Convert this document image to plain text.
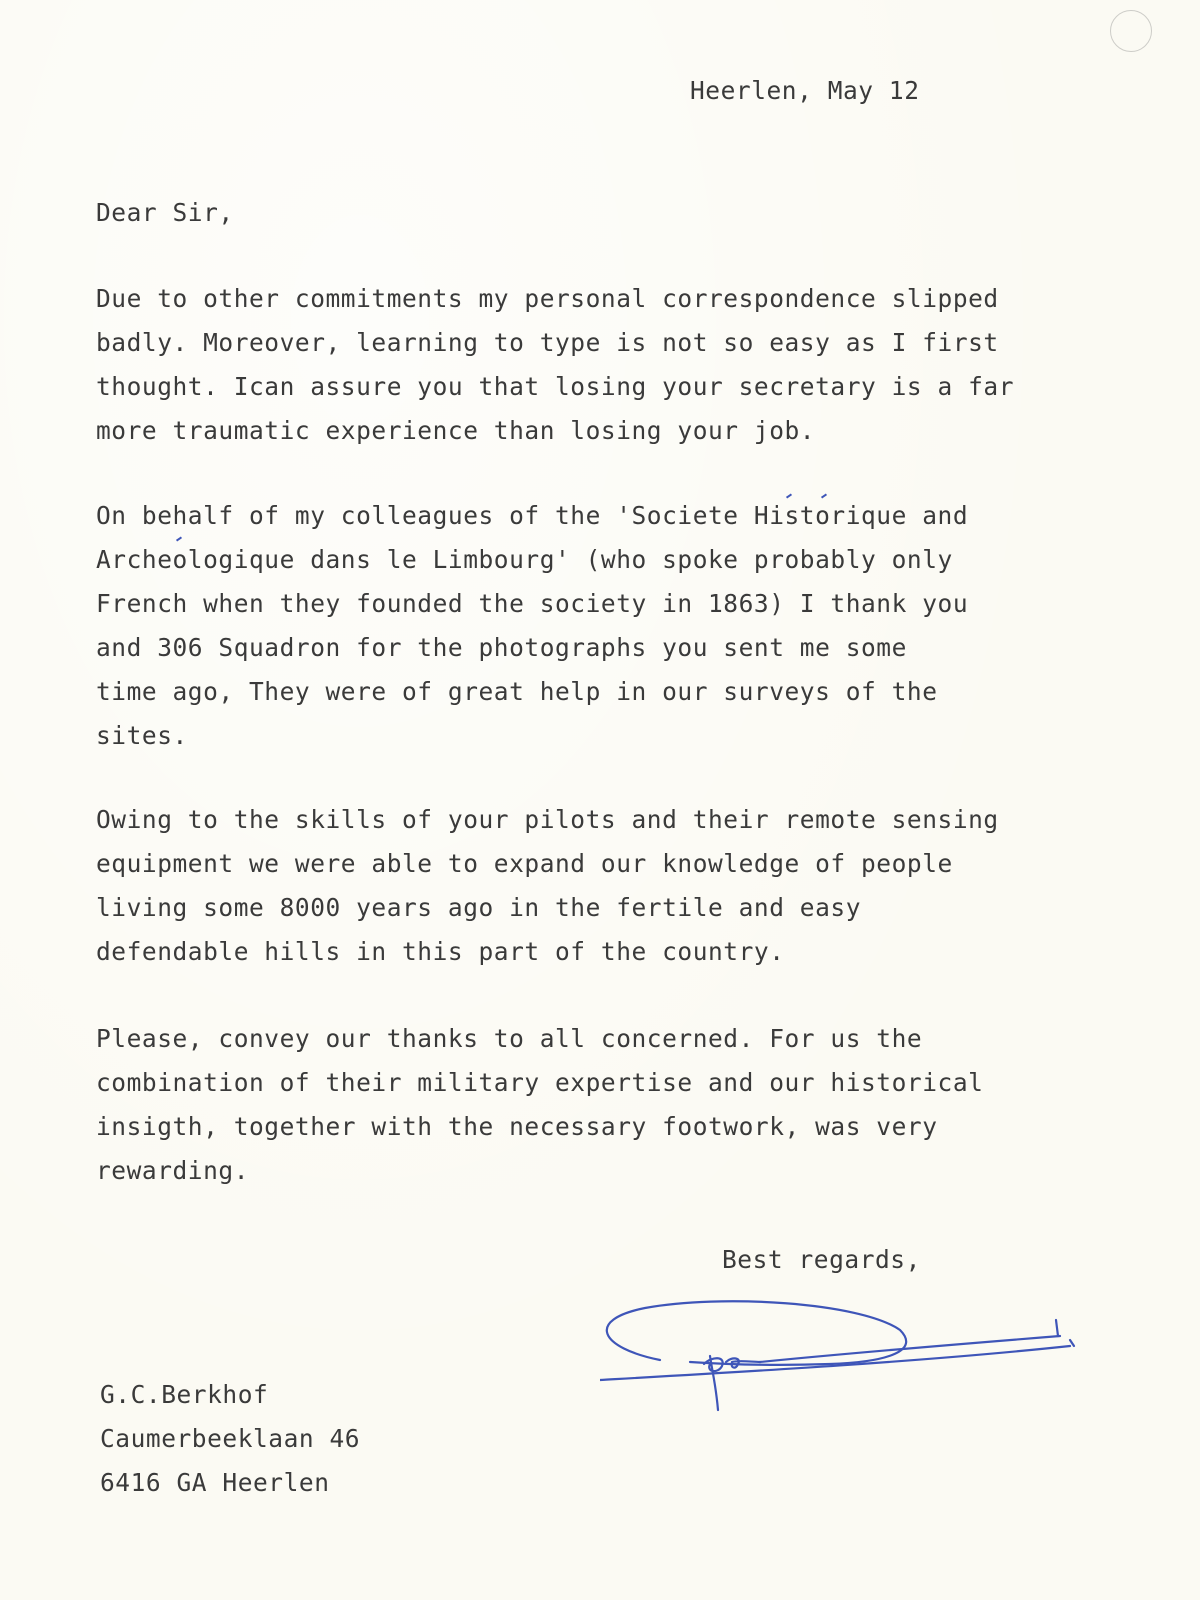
Heerlen, May 12
Dear Sir,
Due to other commitments my personal correspondence slipped
badly. Moreover, learning to type is not so easy as I first
thought. Ican assure you that losing your secretary is a far
more traumatic experience than losing your job.
On behalf of my colleagues of the 'Societe Historique and
Archeologique dans le Limbourg' (who spoke probably only
French when they founded the society in 1863) I thank you
and 306 Squadron for the photographs you sent me some
time ago, They were of great help in our surveys of the
sites.
Owing to the skills of your pilots and their remote sensing
equipment we were able to expand our knowledge of people
living some 8000 years ago in the fertile and easy
defendable hills in this part of the country.
Please, convey our thanks to all concerned. For us the
combination of their military expertise and our historical
insigth, together with the necessary footwork, was very
rewarding.
Best regards,
G.C.Berkhof
Caumerbeeklaan 46
6416 GA Heerlen
